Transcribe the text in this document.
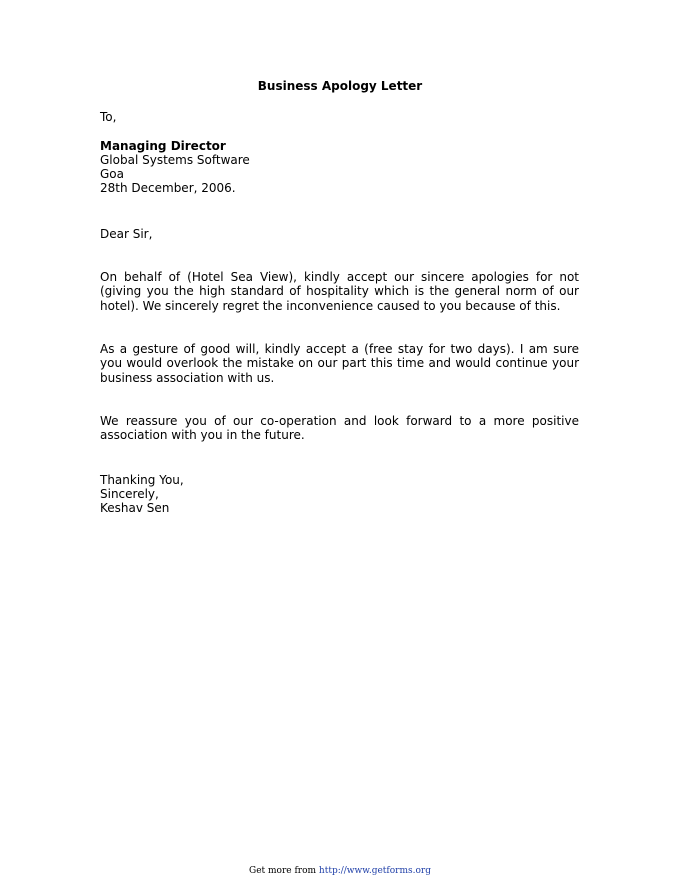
Business Apology Letter
To,
Managing Director
Global Systems Software
Goa
28th December, 2006.
Dear Sir,
On behalf of (Hotel Sea View), kindly accept our sincere apologies for not (giving you the high standard of hospitality which is the general norm of our hotel). We sincerely regret the inconvenience caused to you because of this.
As a gesture of good will, kindly accept a (free stay for two days). I am sure you would overlook the mistake on our part this time and would continue your business association with us.
We reassure you of our co-operation and look forward to a more positive association with you in the future.
Thanking You,
Sincerely,
Keshav Sen
Get more from http://www.getforms.org
